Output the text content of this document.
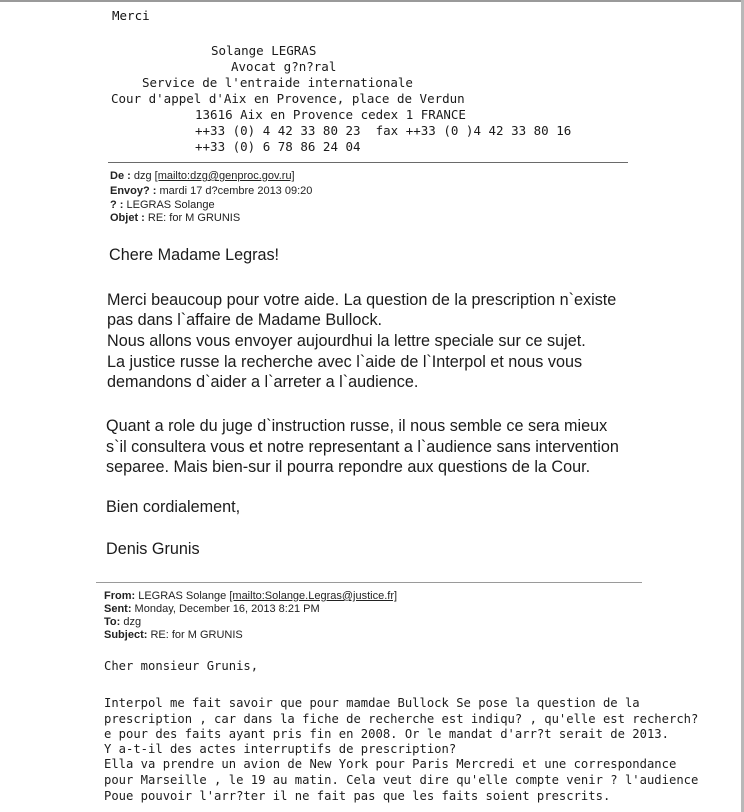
Merci
Solange LEGRAS
Avocat g?n?ral
Service de l'entraide internationale
Cour d'appel d'Aix en Provence, place de Verdun
13616 Aix en Provence cedex 1 FRANCE
++33 (0) 4 42 33 80 23  fax ++33 (0 )4 42 33 80 16
++33 (0) 6 78 86 24 04
De : dzg [mailto:dzg@genproc.gov.ru]
Envoy? : mardi 17 d?cembre 2013 09:20
? : LEGRAS Solange
Objet : RE: for M GRUNIS
Chere Madame Legras!
Merci beaucoup pour votre aide. La question de la prescription n`existe
pas dans l`affaire de Madame Bullock.
Nous allons vous envoyer aujourdhui la lettre speciale sur ce sujet.
La justice russe la recherche avec l`aide de l`Interpol et nous vous
demandons d`aider a l`arreter a l`audience.
Quant a role du juge d`instruction russe, il nous semble ce sera mieux
s`il consultera vous et notre representant a l`audience sans intervention
separee. Mais bien-sur il pourra repondre aux questions de la Cour.
Bien cordialement,
Denis Grunis
From: LEGRAS Solange [mailto:Solange.Legras@justice.fr]
Sent: Monday, December 16, 2013 8:21 PM
To: dzg
Subject: RE: for M GRUNIS
Cher monsieur Grunis,
Interpol me fait savoir que pour mamdae Bullock Se pose la question de la
prescription , car dans la fiche de recherche est indiqu? , qu'elle est recherch?
e pour des faits ayant pris fin en 2008. Or le mandat d'arr?t serait de 2013.
Y a-t-il des actes interruptifs de prescription?
Ella va prendre un avion de New York pour Paris Mercredi et une correspondance
pour Marseille , le 19 au matin. Cela veut dire qu'elle compte venir ? l'audience
Poue pouvoir l'arr?ter il ne fait pas que les faits soient prescrits.
